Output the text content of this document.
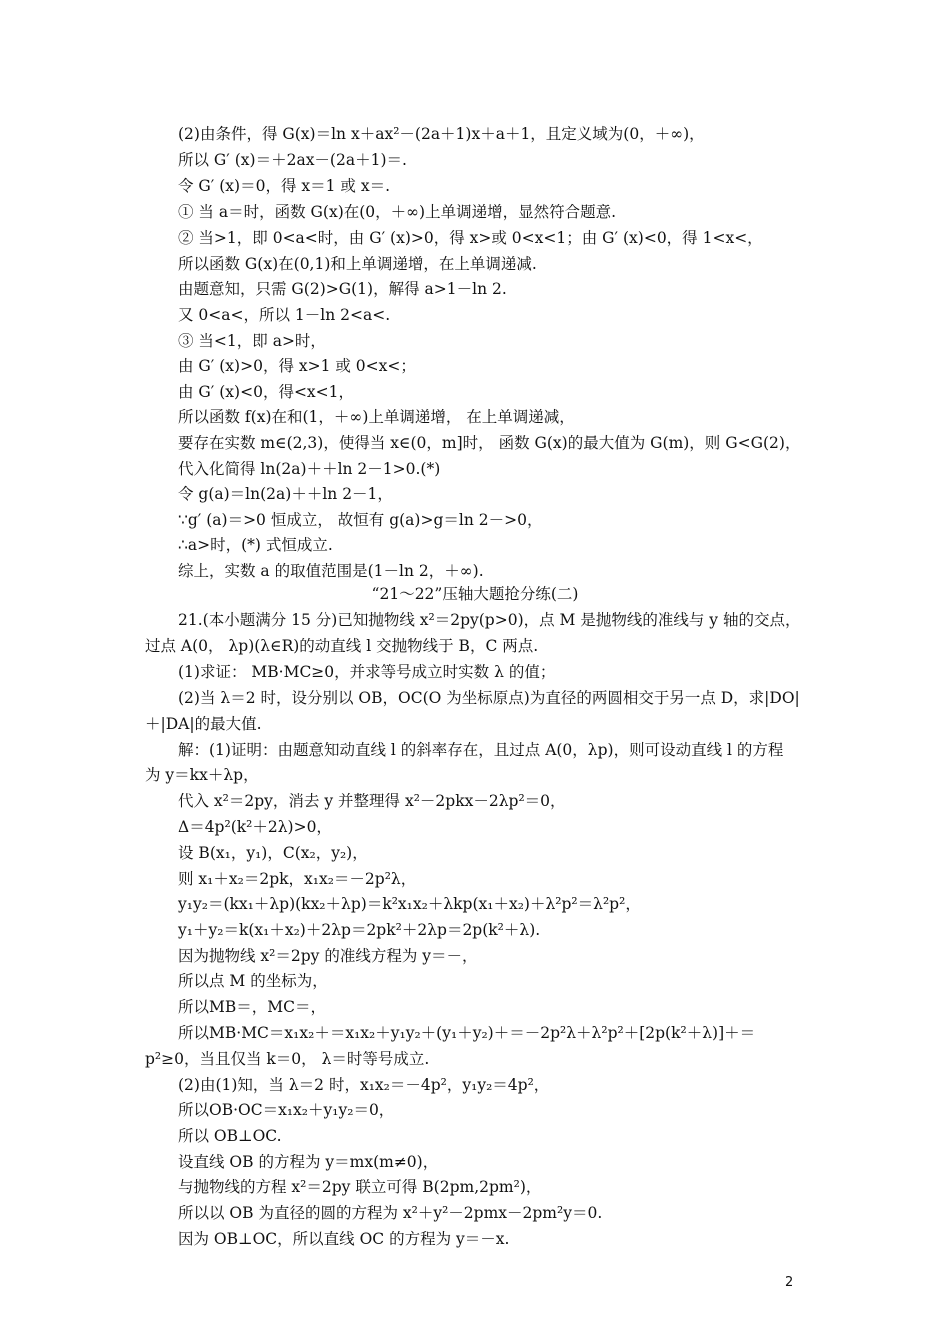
(2)由条件，得 G(x)＝ln x＋ax²－(2a＋1)x＋a＋1，且定义域为(0，＋∞)，
所以 G′ (x)＝＋2ax－(2a＋1)＝.
令 G′ (x)＝0，得 x＝1 或 x＝.
① 当 a＝时，函数 G(x)在(0，＋∞)上单调递增，显然符合题意.
② 当>1，即 0<a<时，由 G′ (x)>0，得 x>或 0<x<1；由 G′ (x)<0，得 1<x<，
所以函数 G(x)在(0,1)和上单调递增，在上单调递减.
由题意知，只需 G(2)>G(1)，解得 a>1－ln 2.
又 0<a<，所以 1－ln 2<a<.
③ 当<1，即 a>时，
由 G′ (x)>0，得 x>1 或 0<x<；
由 G′ (x)<0，得<x<1，
所以函数 f(x)在和(1，＋∞)上单调递增， 在上单调递减，
要存在实数 m∈(2,3)，使得当 x∈(0，m]时， 函数 G(x)的最大值为 G(m)，则 G<G(2)，
代入化简得 ln(2a)＋＋ln 2－1>0.(*)
令 g(a)＝ln(2a)＋＋ln 2－1，
∵g′ (a)＝>0 恒成立， 故恒有 g(a)>g＝ln 2－>0，
∴a>时，(*) 式恒成立.
综上，实数 a 的取值范围是(1－ln 2，＋∞).
“21～22”压轴大题抢分练(二)
21.(本小题满分 15 分)已知抛物线 x²＝2py(p>0)，点 M 是抛物线的准线与 y 轴的交点，
过点 A(0， λp)(λ∈R)的动直线 l 交抛物线于 B，C 两点.
(1)求证： MB·MC≥0，并求等号成立时实数 λ 的值；
(2)当 λ＝2 时，设分别以 OB，OC(O 为坐标原点)为直径的两圆相交于另一点 D，求|DO|
＋|DA|的最大值.
解：(1)证明：由题意知动直线 l 的斜率存在，且过点 A(0，λp)，则可设动直线 l 的方程
为 y＝kx＋λp，
代入 x²＝2py，消去 y 并整理得 x²－2pkx－2λp²＝0，
Δ＝4p²(k²＋2λ)>0，
设 B(x₁，y₁)，C(x₂，y₂)，
则 x₁＋x₂＝2pk，x₁x₂＝－2p²λ，
y₁y₂＝(kx₁＋λp)(kx₂＋λp)＝k²x₁x₂＋λkp(x₁＋x₂)＋λ²p²＝λ²p²，
y₁＋y₂＝k(x₁＋x₂)＋2λp＝2pk²＋2λp＝2p(k²＋λ).
因为抛物线 x²＝2py 的准线方程为 y＝－，
所以点 M 的坐标为，
所以MB＝，MC＝，
所以MB·MC＝x₁x₂＋＝x₁x₂＋y₁y₂＋(y₁＋y₂)＋＝－2p²λ＋λ²p²＋[2p(k²＋λ)]＋＝
p²≥0，当且仅当 k＝0， λ＝时等号成立.
(2)由(1)知，当 λ＝2 时，x₁x₂＝－4p²，y₁y₂＝4p²，
所以OB·OC＝x₁x₂＋y₁y₂＝0，
所以 OB⊥OC.
设直线 OB 的方程为 y＝mx(m≠0)，
与抛物线的方程 x²＝2py 联立可得 B(2pm,2pm²)，
所以以 OB 为直径的圆的方程为 x²＋y²－2pmx－2pm²y＝0.
因为 OB⊥OC，所以直线 OC 的方程为 y＝－x.
2
